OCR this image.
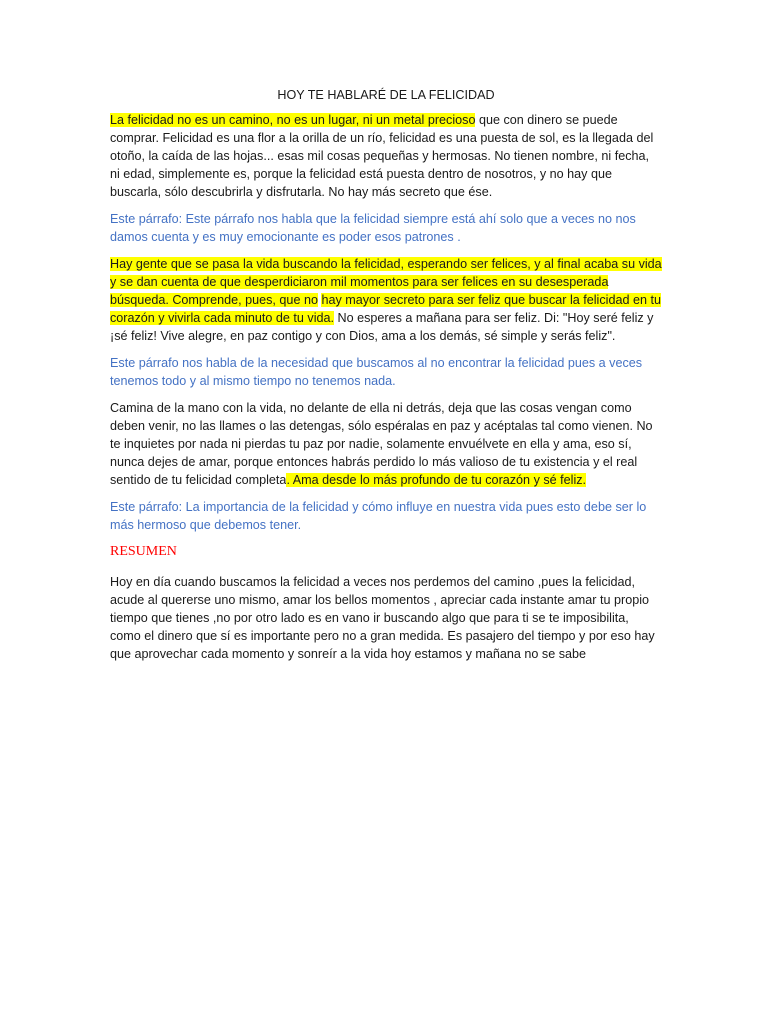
HOY TE HABLARÉ DE LA FELICIDAD

La felicidad no es un camino, no es un lugar, ni un metal precioso que con dinero se puede comprar. Felicidad es una flor a la orilla de un río, felicidad es una puesta de sol, es la llegada del otoño, la caída de las hojas... esas mil cosas pequeñas y hermosas. No tienen nombre, ni fecha, ni edad, simplemente es, porque la felicidad está puesta dentro de nosotros, y no hay que buscarla, sólo descubrirla y disfrutarla. No hay más secreto que ése.

Este párrafo: Este párrafo nos habla que la felicidad siempre está ahí solo que a veces no nos damos cuenta y es muy emocionante es poder esos patrones .

Hay gente que se pasa la vida buscando la felicidad, esperando ser felices, y al final acaba su vida y se dan cuenta de que desperdiciaron mil momentos para ser felices en su desesperada búsqueda. Comprende, pues, que no hay mayor secreto para ser feliz que buscar la felicidad en tu corazón y vivirla cada minuto de tu vida. No esperes a mañana para ser feliz. Di: "Hoy seré feliz y ¡sé feliz! Vive alegre, en paz contigo y con Dios, ama a los demás, sé simple y serás feliz".

Este párrafo nos habla de la necesidad que buscamos al no encontrar la felicidad pues a veces tenemos todo y al mismo tiempo no tenemos nada.

Camina de la mano con la vida, no delante de ella ni detrás, deja que las cosas vengan como deben venir, no las llames o las detengas, sólo espéralas en paz y acéptalas tal como vienen. No te inquietes por nada ni pierdas tu paz por nadie, solamente envuélvete en ella y ama, eso sí, nunca dejes de amar, porque entonces habrás perdido lo más valioso de tu existencia y el real sentido de tu felicidad completa. Ama desde lo más profundo de tu corazón y sé feliz.

Este párrafo: La importancia de la felicidad y cómo influye en nuestra vida pues esto debe ser lo más hermoso que debemos tener.

RESUMEN

Hoy en día cuando buscamos la felicidad a veces nos perdemos del camino ,pues la felicidad, acude al quererse uno mismo, amar los bellos momentos , apreciar cada instante amar tu propio tiempo que tienes ,no por otro lado es en vano ir buscando algo que para ti se te imposibilita, como el dinero que sí es importante pero no a gran medida. Es pasajero del tiempo y por eso hay que aprovechar cada momento y sonreír a la vida hoy estamos y mañana no se sabe
